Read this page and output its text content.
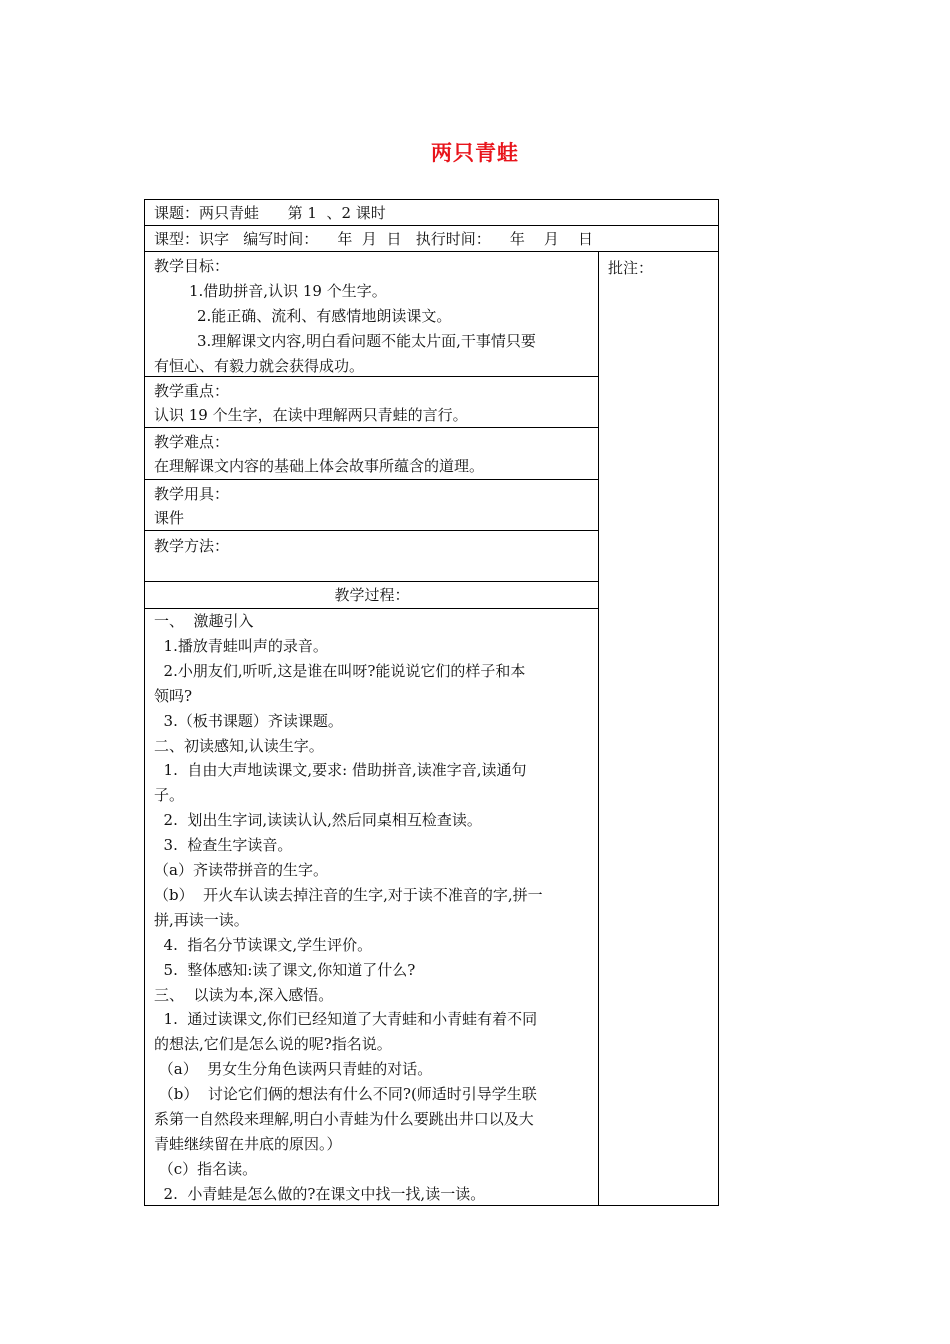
两只青蛙
课题：两只青蛙      第 1  、2 课时
课型：识字   编写时间：    年  月  日   执行时间：    年    月    日
教学目标：
1.借助拼音,认识 19 个生字。
2.能正确、流利、有感情地朗读课文。
3.理解课文内容,明白看问题不能太片面,干事情只要
有恒心、有毅力就会获得成功。
教学重点：
认识 19 个生字，在读中理解两只青蛙的言行。
教学难点：
在理解课文内容的基础上体会故事所蕴含的道理。
教学用具：
课件
教学方法：
教学过程：
一、  激趣引入
1.播放青蛙叫声的录音。
2.小朋友们,听听,这是谁在叫呀?能说说它们的样子和本
领吗?
3.（板书课题）齐读课题。
二、初读感知,认读生字。
1.  自由大声地读课文,要求: 借助拼音,读准字音,读通句
子。
2.  划出生字词,读读认认,然后同桌相互检查读。
3.  检查生字读音。
（a）齐读带拼音的生字。
（b）  开火车认读去掉注音的生字,对于读不准音的字,拼一
拼,再读一读。
4.  指名分节读课文,学生评价。
5.  整体感知:读了课文,你知道了什么?
三、  以读为本,深入感悟。
1.  通过读课文,你们已经知道了大青蛙和小青蛙有着不同
的想法,它们是怎么说的呢?指名说。
（a）  男女生分角色读两只青蛙的对话。
（b）  讨论它们俩的想法有什么不同?(师适时引导学生联
系第一自然段来理解,明白小青蛙为什么要跳出井口以及大
青蛙继续留在井底的原因。）
（c）指名读。
2.  小青蛙是怎么做的?在课文中找一找,读一读。
批注：
